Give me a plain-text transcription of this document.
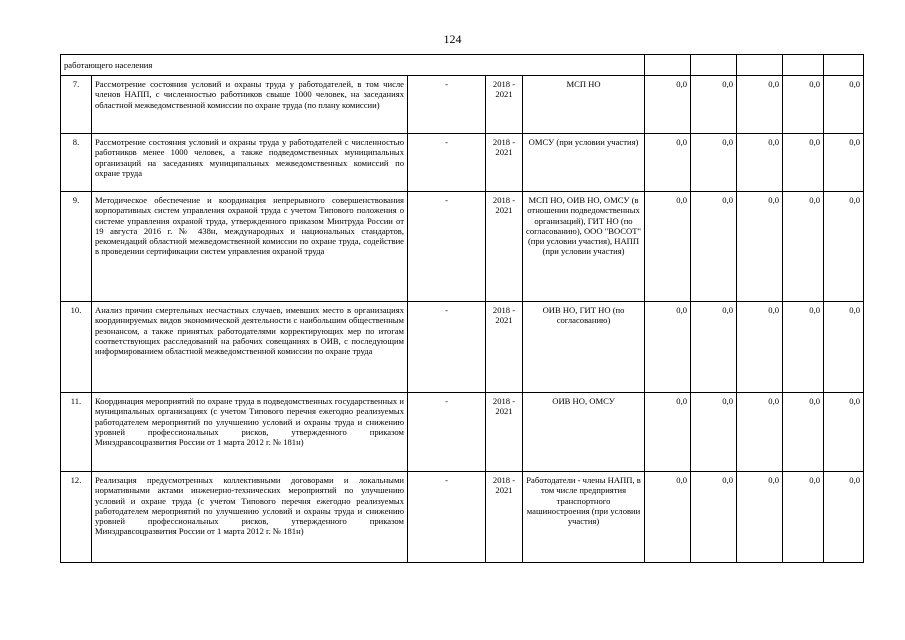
124
работающего населения									
7.	Рассмотрение состояния условий и охраны труда у работодателей, в том числе членов НАПП, с численностью работников свыше 1000 человек, на заседаниях областной межведомственной комиссии по охране труда (по плану комиссии)	-	2018 - 2021	МСП НО	0,0	0,0	0,0	0,0	0,0
8.	Рассмотрение состояния условий и охраны труда у работодателей с численностью работников менее 1000 человек, а также подведомственных муниципальных организаций на заседаниях муниципальных межведомственных комиссий по охране труда	-	2018 - 2021	ОМСУ (при условии участия)	0,0	0,0	0,0	0,0	0,0
9.	Методическое обеспечение и координация непрерывного совершенствования корпоративных систем управления охраной труда с учетом Типового положения о системе управления охраной труда, утвержденного приказом Минтруда России от 19 августа 2016 г. № 438н, международных и национальных стандартов, рекомендаций областной межведомственной комиссии по охране труда, содействие в проведении сертификации систем управления охраной труда	-	2018 - 2021	МСП НО, ОИВ НО, ОМСУ (в отношении подведомственных организаций), ГИТ НО (по согласованию), ООО "ВОСОТ" (при условии участия), НАПП (при условии участия)	0,0	0,0	0,0	0,0	0,0
10.	Анализ причин смертельных несчастных случаев, имевших место в организациях координируемых видов экономической деятельности с наибольшим общественным резонансом, а также принятых работодателями корректирующих мер по итогам соответствующих расследований на рабочих совещаниях в ОИВ, с последующим информированием областной межведомственной комиссии по охране труда	-	2018 - 2021	ОИВ НО, ГИТ НО (по согласованию)	0,0	0,0	0,0	0,0	0,0
11.	Координация мероприятий по охране труда в подведомственных государственных и муниципальных организациях (с учетом Типового перечня ежегодно реализуемых работодателем мероприятий по улучшению условий и охраны труда и снижению уровней профессиональных рисков, утвержденного приказом Минздравсоцразвития России от 1 марта 2012 г. № 181н)	-	2018 - 2021	ОИВ НО, ОМСУ	0,0	0,0	0,0	0,0	0,0
12.	Реализация предусмотренных коллективными договорами и локальными нормативными актами инженерно-технических мероприятий по улучшению условий и охране труда (с учетом Типового перечня ежегодно реализуемых работодателем мероприятий по улучшению условий и охраны труда и снижению уровней профессиональных рисков, утвержденного приказом Минздравсоцразвития России от 1 марта 2012 г. № 181н)	-	2018 - 2021	Работодатели - члены НАПП, в том числе предприятия транспортного машиностроения (при условии участия)	0,0	0,0	0,0	0,0	0,0
